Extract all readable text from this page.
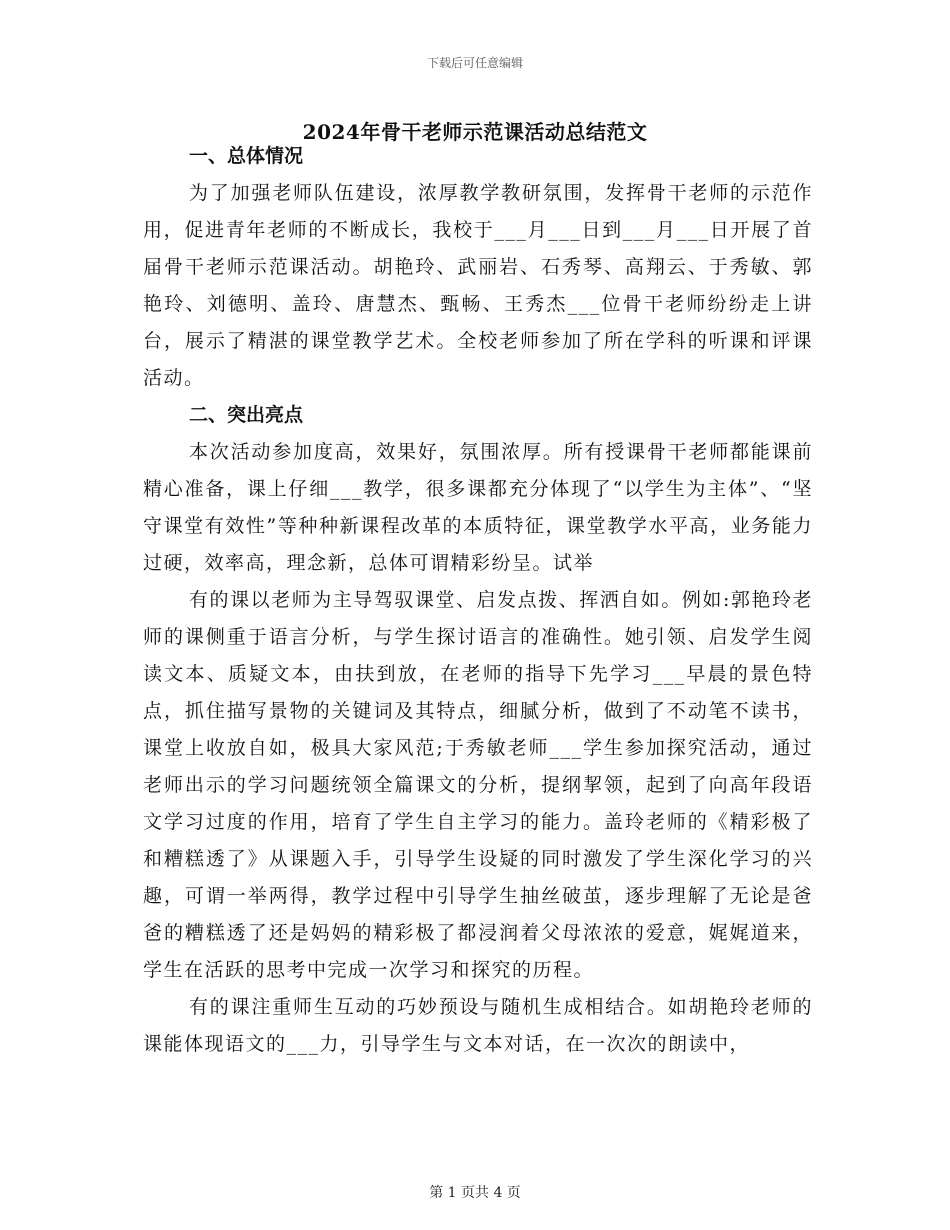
下载后可任意编辑
2024年骨干老师示范课活动总结范文

一、总体情况

为了加强老师队伍建设，浓厚教学教研氛围，发挥骨干老师的示范作用，促进青年老师的不断成长，我校于___月___日到___月___日开展了首届骨干老师示范课活动。胡艳玲、武丽岩、石秀琴、高翔云、于秀敏、郭艳玲、刘德明、盖玲、唐慧杰、甄畅、王秀杰___位骨干老师纷纷走上讲台，展示了精湛的课堂教学艺术。全校老师参加了所在学科的听课和评课活动。

二、突出亮点

本次活动参加度高，效果好，氛围浓厚。所有授课骨干老师都能课前精心准备，课上仔细___教学，很多课都充分体现了“以学生为主体”、“坚守课堂有效性”等种种新课程改革的本质特征，课堂教学水平高，业务能力过硬，效率高，理念新，总体可谓精彩纷呈。试举

有的课以老师为主导驾驭课堂、启发点拨、挥洒自如。例如:郭艳玲老师的课侧重于语言分析，与学生探讨语言的准确性。她引领、启发学生阅读文本、质疑文本，由扶到放，在老师的指导下先学习___早晨的景色特点，抓住描写景物的关键词及其特点，细腻分析，做到了不动笔不读书，课堂上收放自如，极具大家风范;于秀敏老师___学生参加探究活动，通过老师出示的学习问题统领全篇课文的分析，提纲挈领，起到了向高年段语文学习过度的作用，培育了学生自主学习的能力。盖玲老师的《精彩极了和糟糕透了》从课题入手，引导学生设疑的同时激发了学生深化学习的兴趣，可谓一举两得，教学过程中引导学生抽丝破茧，逐步理解了无论是爸爸的糟糕透了还是妈妈的精彩极了都浸润着父母浓浓的爱意，娓娓道来，学生在活跃的思考中完成一次学习和探究的历程。

有的课注重师生互动的巧妙预设与随机生成相结合。如胡艳玲老师的课能体现语文的___力，引导学生与文本对话，在一次次的朗读中，

第 1 页共 4 页
